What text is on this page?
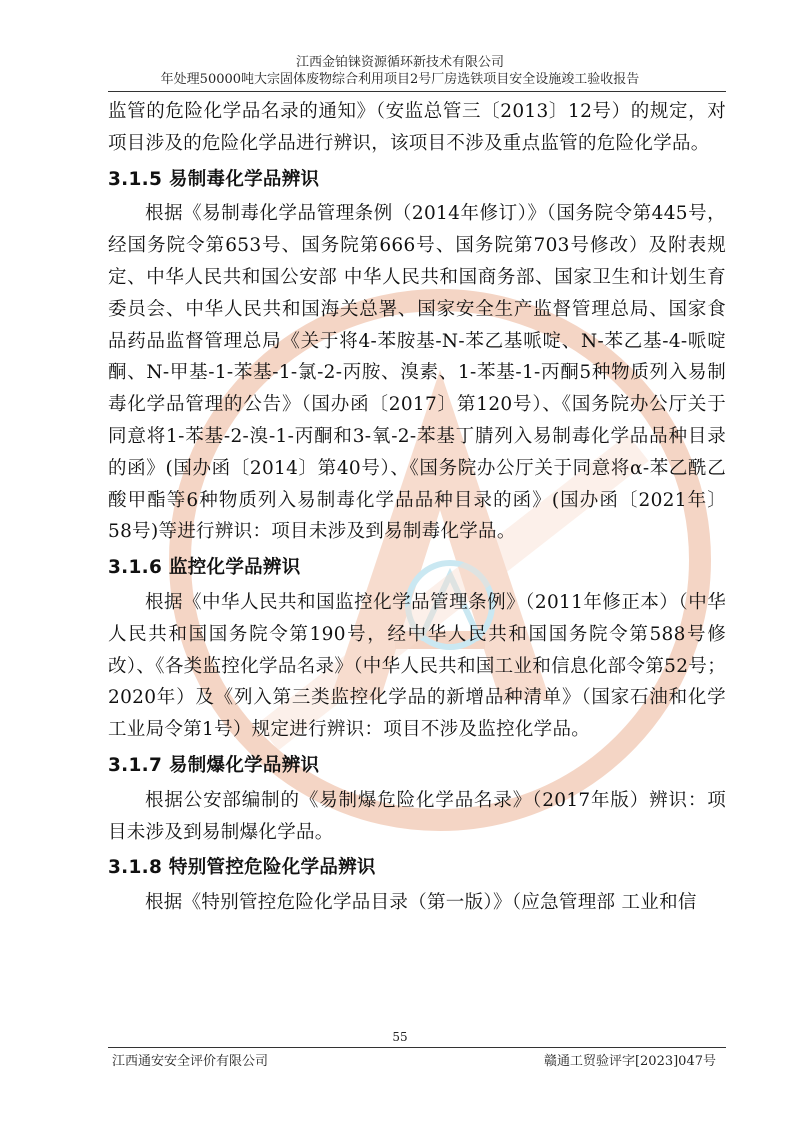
江西金铂铼资源循环新技术有限公司
年处理50000吨大宗固体废物综合利用项目2号厂房选铁项目安全设施竣工验收报告

监管的危险化学品名录的通知》（安监总管三〔2013〕12号）的规定，对项目涉及的危险化学品进行辨识，该项目不涉及重点监管的危险化学品。

3.1.5 易制毒化学品辨识

根据《易制毒化学品管理条例（2014年修订）》（国务院令第445号，经国务院令第653号、国务院第666号、国务院第703号修改）及附表规定、中华人民共和国公安部 中华人民共和国商务部、国家卫生和计划生育委员会、中华人民共和国海关总署、国家安全生产监督管理总局、国家食品药品监督管理总局《关于将4-苯胺基-N-苯乙基哌啶、N-苯乙基-4-哌啶酮、N-甲基-1-苯基-1-氯-2-丙胺、溴素、1-苯基-1-丙酮5种物质列入易制毒化学品管理的公告》（国办函〔2017〕第120号）、《国务院办公厅关于同意将1-苯基-2-溴-1-丙酮和3-氧-2-苯基丁腈列入易制毒化学品品种目录的函》(国办函〔2014〕第40号）、《国务院办公厅关于同意将α-苯乙酰乙酸甲酯等6种物质列入易制毒化学品品种目录的函》(国办函〔2021年〕58号)等进行辨识：项目未涉及到易制毒化学品。

3.1.6 监控化学品辨识

根据《中华人民共和国监控化学品管理条例》（2011年修正本）（中华人民共和国国务院令第190号，经中华人民共和国国务院令第588号修改）、《各类监控化学品名录》（中华人民共和国工业和信息化部令第52号；2020年）及《列入第三类监控化学品的新增品种清单》（国家石油和化学工业局令第1号）规定进行辨识：项目不涉及监控化学品。

3.1.7 易制爆化学品辨识

根据公安部编制的《易制爆危险化学品名录》（2017年版）辨识：项目未涉及到易制爆化学品。

3.1.8 特别管控危险化学品辨识

根据《特别管控危险化学品目录（第一版）》（应急管理部 工业和信

55
江西通安安全评价有限公司	赣通工贸验评字[2023]047号
